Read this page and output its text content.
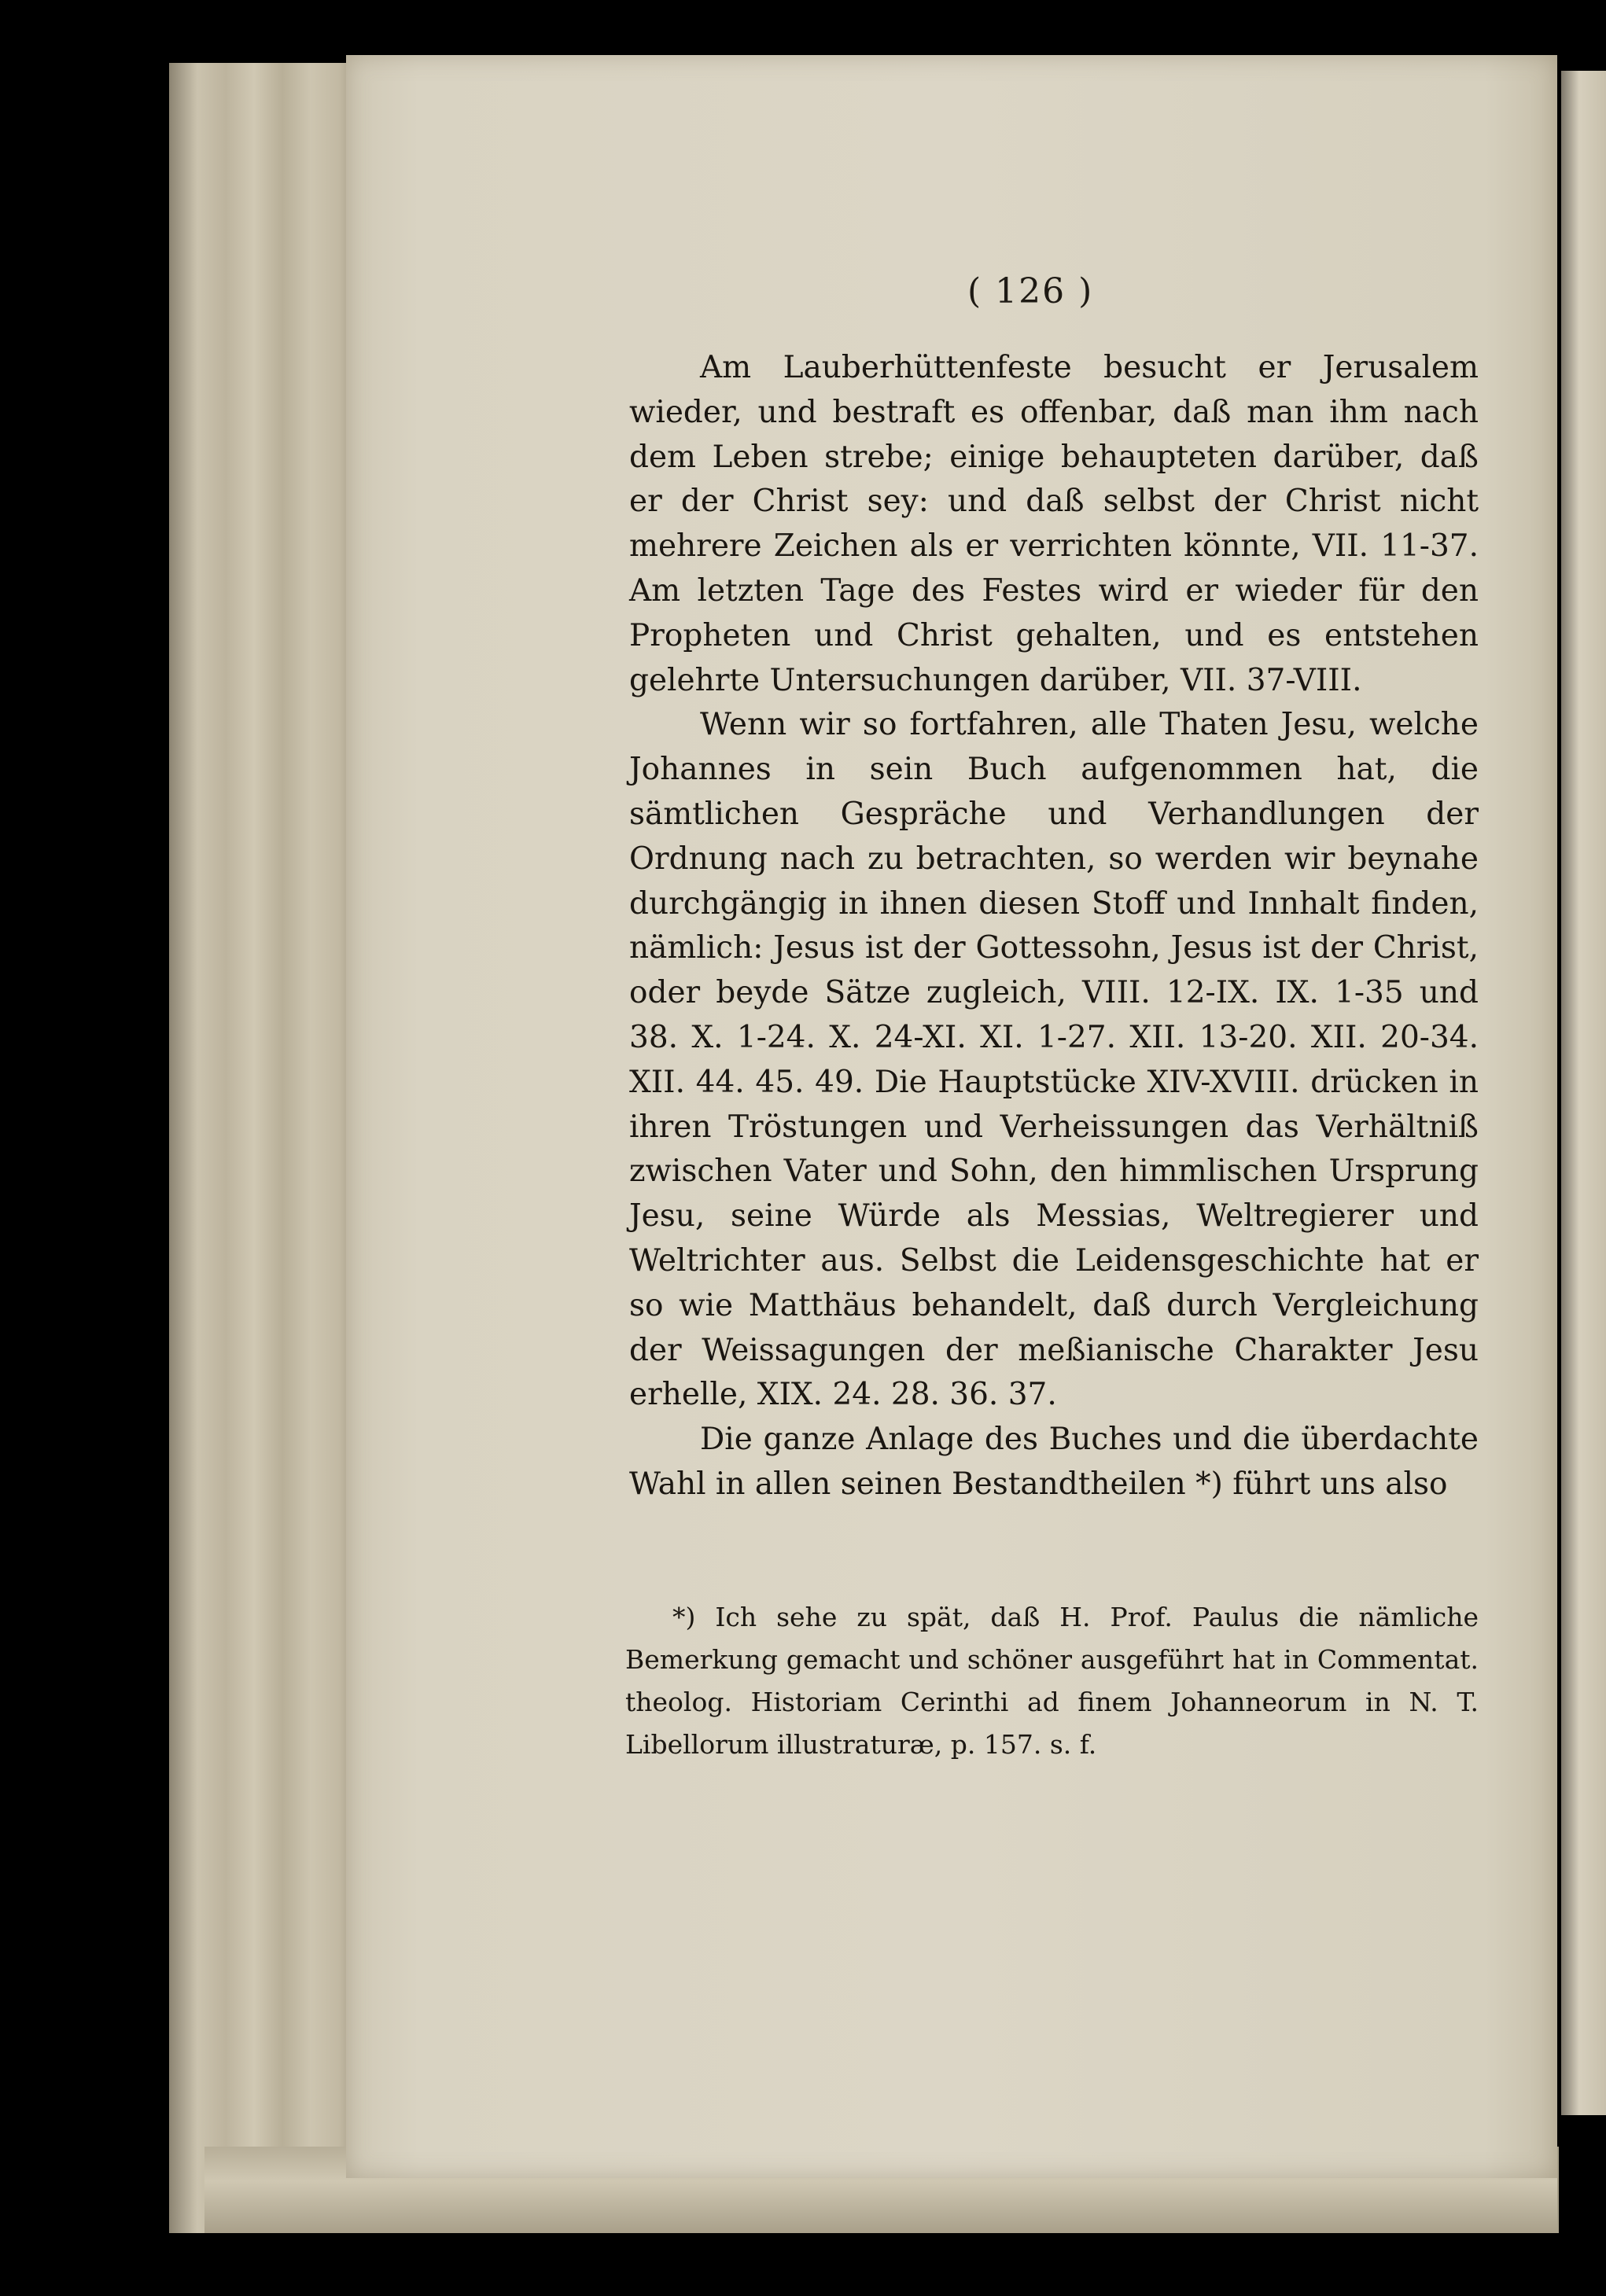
( 126 )

Am Lauberhüttenfeste besucht er Jerusalem wieder, und bestraft es offenbar, daß man ihm nach dem Leben strebe; einige behaupteten darüber, daß er der Christ sey: und daß selbst der Christ nicht mehrere Zeichen als er verrichten könnte, VII. 11-37. Am letzten Tage des Festes wird er wieder für den Propheten und Christ gehalten, und es entstehen gelehrte Untersuchungen darüber, VII. 37-VIII.

Wenn wir so fortfahren, alle Thaten Jesu, welche Johannes in sein Buch aufgenommen hat, die sämtlichen Gespräche und Verhandlungen der Ordnung nach zu betrachten, so werden wir beynahe durchgängig in ihnen diesen Stoff und Innhalt finden, nämlich: Jesus ist der Gottessohn, Jesus ist der Christ, oder beyde Sätze zugleich, VIII. 12-IX. IX. 1-35 und 38. X. 1-24. X. 24-XI. XI. 1-27. XII. 13-20. XII. 20-34. XII. 44. 45. 49. Die Hauptstücke XIV-XVIII. drücken in ihren Tröstungen und Verheissungen das Verhältniß zwischen Vater und Sohn, den himmlischen Ursprung Jesu, seine Würde als Messias, Weltregierer und Weltrichter aus. Selbst die Leidensgeschichte hat er so wie Matthäus behandelt, daß durch Vergleichung der Weissagungen der meßianische Charakter Jesu erhelle, XIX. 24. 28. 36. 37.

Die ganze Anlage des Buches und die überdachte Wahl in allen seinen Bestandtheilen *) führt uns also

*) Ich sehe zu spät, daß H. Prof. Paulus die nämliche Bemerkung gemacht und schöner ausgeführt hat in Commentat. theolog. Historiam Cerinthi ad finem Johanneorum in N. T. Libellorum illustraturæ, p. 157. s. f.
